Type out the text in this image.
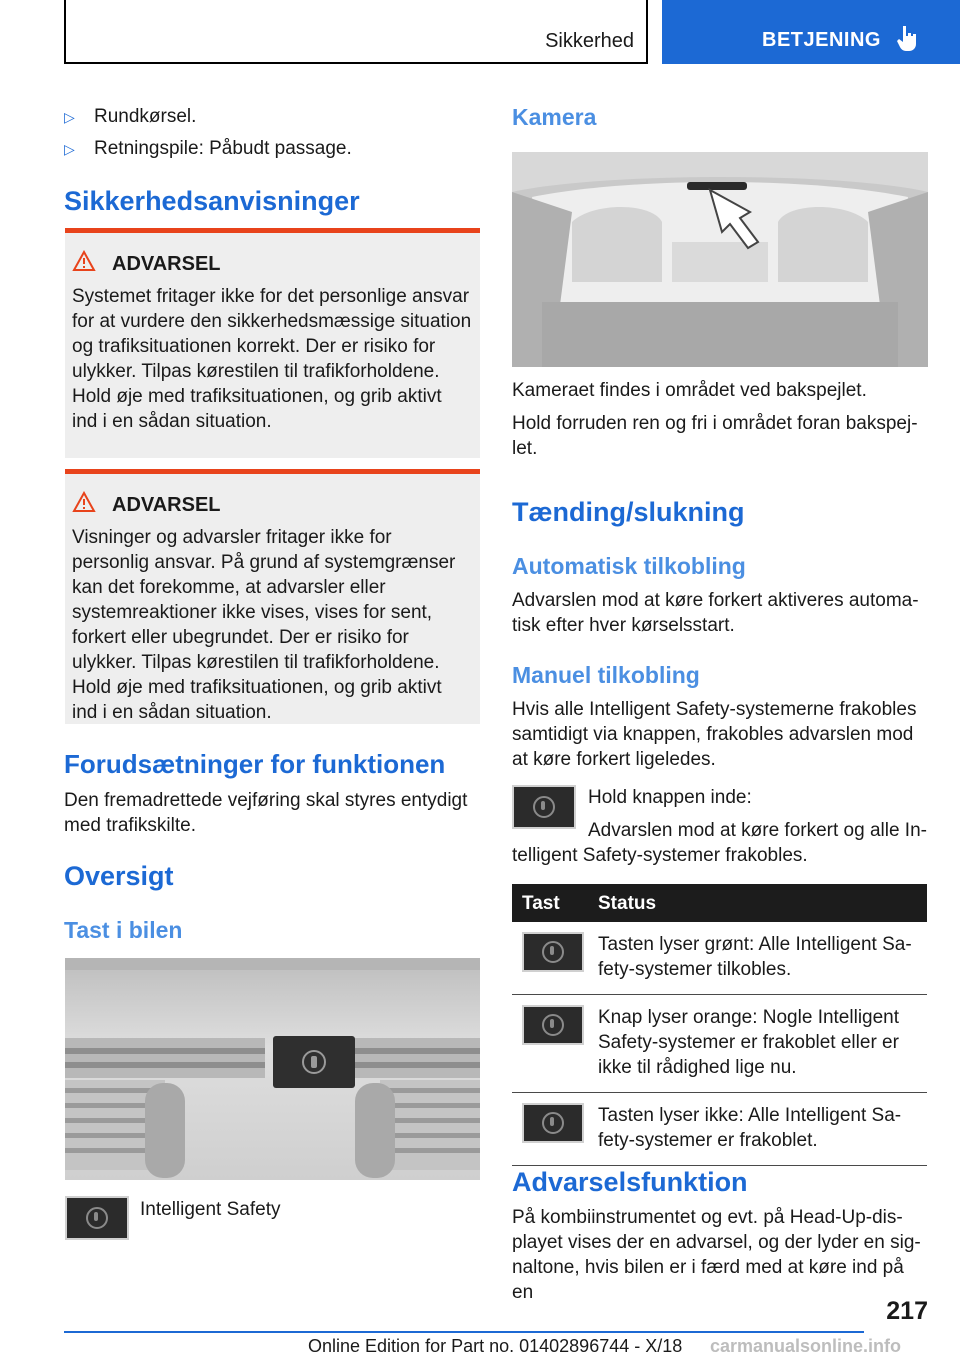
Sikkerhed	BETJENING
▷ Rundkørsel.
▷ Retningspile: Påbudt passage.
Sikkerhedsanvisninger
ADVARSEL
Systemet fritager ikke for det personlige ansvar for at vurdere den sikkerhedsmæssige situation og trafiksituationen korrekt. Der er risiko for ulykker. Tilpas kørestilen til trafikforholdene. Hold øje med trafiksituationen, og grib aktivt ind i en sådan situation.
ADVARSEL
Visninger og advarsler fritager ikke for personlig ansvar. På grund af systemgrænser kan det forekomme, at advarsler eller systemreaktioner ikke vises, vises for sent, forkert eller ubegrundet. Der er risiko for ulykker. Tilpas kørestilen til trafikforholdene. Hold øje med trafiksituationen, og grib aktivt ind i en sådan situation.
Forudsætninger for funktionen
Den fremadrettede vejføring skal styres entydigt med trafikskilte.
Oversigt
Tast i bilen
Intelligent Safety
Kamera
Kameraet findes i området ved bakspejlet.
Hold forruden ren og fri i området foran bakspejlet.
Tænding/slukning
Automatisk tilkobling
Advarslen mod at køre forkert aktiveres automatisk efter hver kørselsstart.
Manuel tilkobling
Hvis alle Intelligent Safety-systemerne frakobles samtidigt via knappen, frakobles advarslen mod at køre forkert ligeledes.
Hold knappen inde:
Advarslen mod at køre forkert og alle Intelligent Safety-systemer frakobles.
Tast	Status

	Tasten lyser grønt: Alle Intelligent Safety-systemer tilkobles.

	Knap lyser orange: Nogle Intelligent Safety-systemer er frakoblet eller er ikke til rådighed lige nu.

	Tasten lyser ikke: Alle Intelligent Safety-systemer er frakoblet.
Advarselsfunktion
På kombiinstrumentet og evt. på Head-Up-displayet vises der en advarsel, og der lyder en signaltone, hvis bilen er i færd med at køre ind på en
217
Online Edition for Part no. 01402896744 - X/18 carmanualsonline.info
